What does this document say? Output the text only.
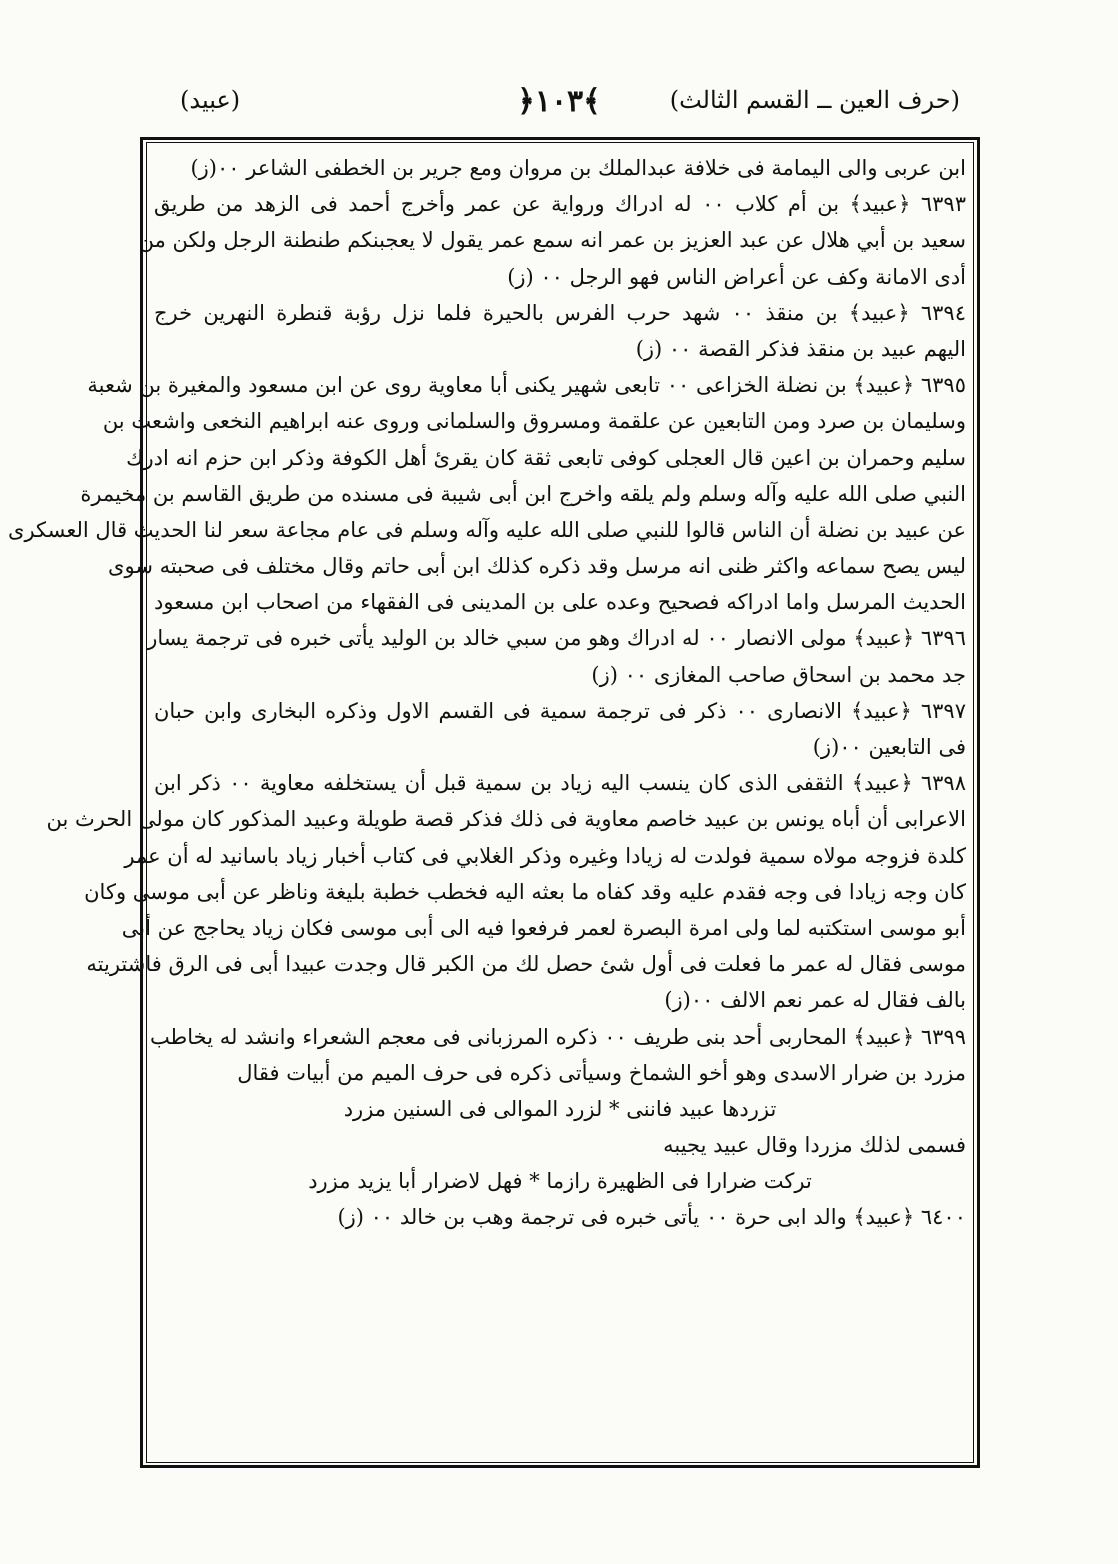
(حرف العين ــ القسم الثالث)
﴿١٠٣﴾
(عبيد)
ابن عربى والى اليمامة فى خلافة عبدالملك بن مروان ومع جرير بن الخطفى الشاعر ٠٠(ز)
٦٣٩٣ ﴿عبيد﴾ بن أم كلاب ٠٠ له ادراك ورواية عن عمر وأخرج أحمد فى الزهد من طريق
سعيد بن أبي هلال عن عبد العزيز بن عمر انه سمع عمر يقول لا يعجبنكم طنطنة الرجل ولكن من
أدى الامانة وكف عن أعراض الناس فهو الرجل ٠٠ (ز)
٦٣٩٤ ﴿عبيد﴾ بن منقذ ٠٠ شهد حرب الفرس بالحيرة فلما نزل رؤبة قنطرة النهرين خرج
اليهم عبيد بن منقذ فذكر القصة ٠٠ (ز)
٦٣٩٥ ﴿عبيد﴾ بن نضلة الخزاعى ٠٠ تابعى شهير يكنى أبا معاوية روى عن ابن مسعود والمغيرة بن شعبة
وسليمان بن صرد ومن التابعين عن علقمة ومسروق والسلمانى وروى عنه ابراهيم النخعى واشعث بن
سليم وحمران بن اعين قال العجلى كوفى تابعى ثقة كان يقرئ أهل الكوفة وذكر ابن حزم انه ادرك
النبي صلى الله عليه وآله وسلم ولم يلقه واخرج ابن أبى شيبة فى مسنده من طريق القاسم بن مخيمرة
عن عبيد بن نضلة أن الناس قالوا للنبي صلى الله عليه وآله وسلم فى عام مجاعة سعر لنا الحديث قال العسكرى
ليس يصح سماعه واكثر ظنى انه مرسل وقد ذكره كذلك ابن أبى حاتم وقال مختلف فى صحبته سوى
الحديث المرسل واما ادراكه فصحيح وعده على بن المدينى فى الفقهاء من اصحاب ابن مسعود
٦٣٩٦ ﴿عبيد﴾ مولى الانصار ٠٠ له ادراك وهو من سبي خالد بن الوليد يأتى خبره فى ترجمة يسار
جد محمد بن اسحاق صاحب المغازى ٠٠ (ز)
٦٣٩٧ ﴿عبيد﴾ الانصارى ٠٠ ذكر فى ترجمة سمية فى القسم الاول وذكره البخارى وابن حبان
فى التابعين ٠٠(ز)
٦٣٩٨ ﴿عبيد﴾ الثقفى الذى كان ينسب اليه زياد بن سمية قبل أن يستخلفه معاوية ٠٠ ذكر ابن
الاعرابى أن أباه يونس بن عبيد خاصم معاوية فى ذلك فذكر قصة طويلة وعبيد المذكور كان مولى الحرث بن
كلدة فزوجه مولاه سمية فولدت له زيادا وغيره وذكر الغلابي فى كتاب أخبار زياد باسانيد له أن عمر
كان وجه زيادا فى وجه فقدم عليه وقد كفاه ما بعثه اليه فخطب خطبة بليغة وناظر عن أبى موسى وكان
أبو موسى استكتبه لما ولى امرة البصرة لعمر فرفعوا فيه الى أبى موسى فكان زياد يحاجج عن أبى
موسى فقال له عمر ما فعلت فى أول شئ حصل لك من الكبر قال وجدت عبيدا أبى فى الرق فاشتريته
بالف فقال له عمر نعم الالف ٠٠(ز)
٦٣٩٩ ﴿عبيد﴾ المحاربى أحد بنى طريف ٠٠ ذكره المرزبانى فى معجم الشعراء وانشد له يخاطب
مزرد بن ضرار الاسدى وهو أخو الشماخ وسيأتى ذكره فى حرف الميم من أبيات فقال
تزردها عبيد فاننى * لزرد الموالى فى السنين مزرد
فسمى لذلك مزردا وقال عبيد يجيبه
تركت ضرارا فى الظهيرة رازما * فهل لاضرار أبا يزيد مزرد
٦٤٠٠ ﴿عبيد﴾ والد ابى حرة ٠٠ يأتى خبره فى ترجمة وهب بن خالد ٠٠ (ز)
